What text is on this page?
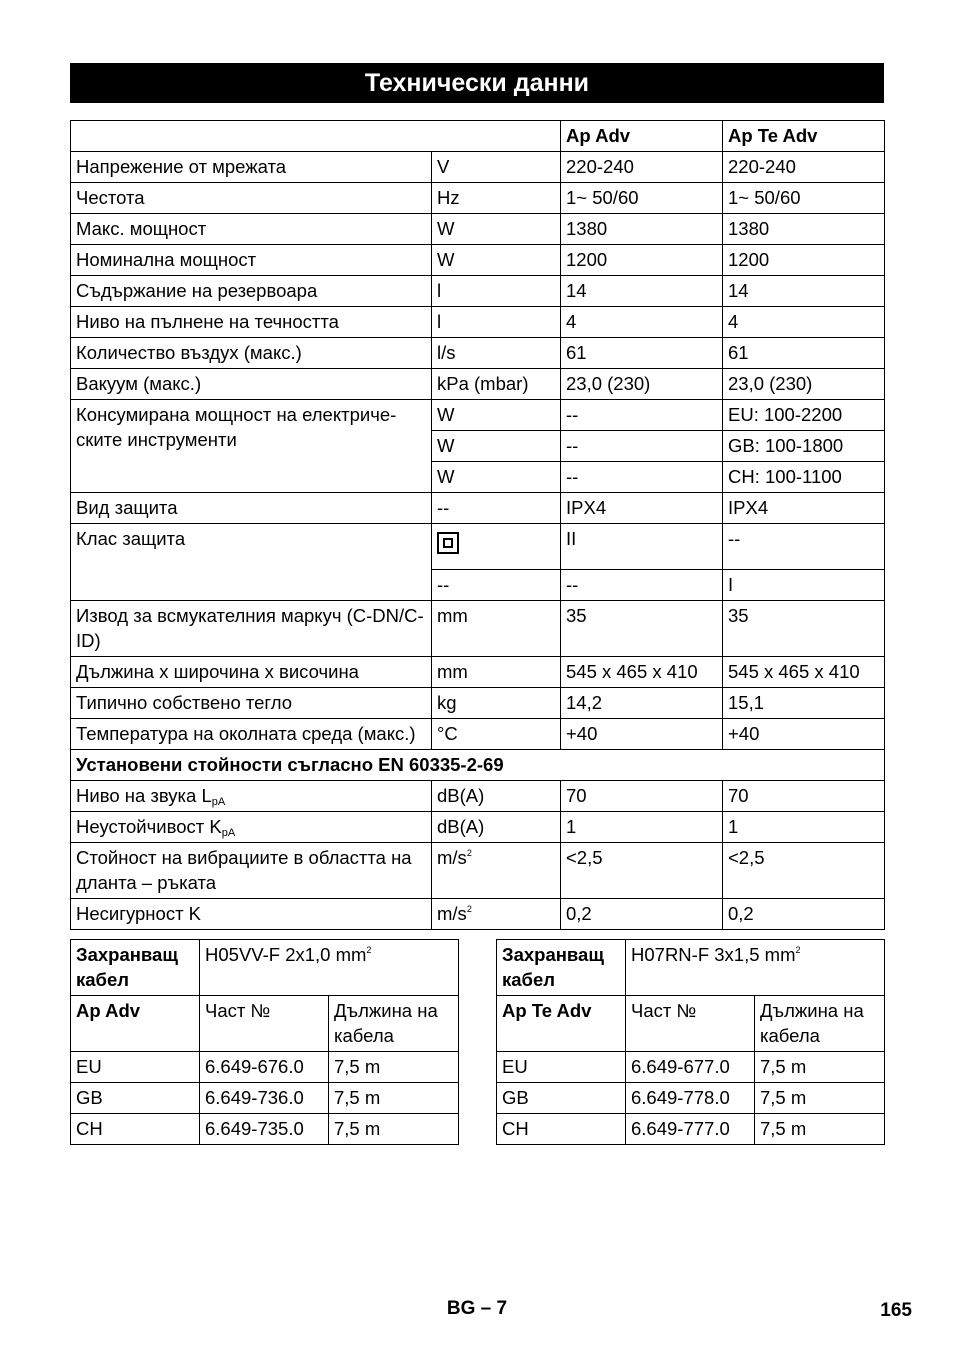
Технически данни
		Ap Adv	Ap Te Adv
Напрежение от мрежата	V	220-240	220-240
Честота	Hz	1~ 50/60	1~ 50/60
Макс. мощност	W	1380	1380
Номинална мощност	W	1200	1200
Съдържание на резервоара	l	14	14
Ниво на пълнене на течността	l	4	4
Количество въздух (макс.)	l/s	61	61
Вакуум (макс.)	kPa (mbar)	23,0 (230)	23,0 (230)
Консумирана мощност на електриче-ските инструменти	W	--	EU: 100-2200
	W	--	GB: 100-1800
	W	--	CH: 100-1100
Вид защита	--	IPX4	IPX4
Клас защита		II	--
	--	--	I
Извод за всмукателния маркуч (C-DN/C-ID)	mm	35	35
Дължина х широчина х височина	mm	545 x 465 x 410	545 x 465 x 410
Типично собствено тегло	kg	14,2	15,1
Температура на околната среда (макс.)	°C	+40	+40
Установени стойности съгласно EN 60335-2-69			
Ниво на звука $L_{pA}$	dB(A)	70	70
Неустойчивост $K_{pA}$	dB(A)	1	1
Стойност на вибрациите в областта на дланта – ръката	$m/s^2$	<2,5	<2,5
Несигурност K	$m/s^2$	0,2	0,2
Захранващ кабел	H05VV-F 2x1,0 $mm^2$
Ap Adv	Част №	Дължина на кабела
EU	6.649-676.0	7,5 m
GB	6.649-736.0	7,5 m
CH	6.649-735.0	7,5 m
Захранващ кабел	H07RN-F 3x1,5 $mm^2$
Ap Te Adv	Част №	Дължина на кабела
EU	6.649-677.0	7,5 m
GB	6.649-778.0	7,5 m
CH	6.649-777.0	7,5 m
BG – 7	165
